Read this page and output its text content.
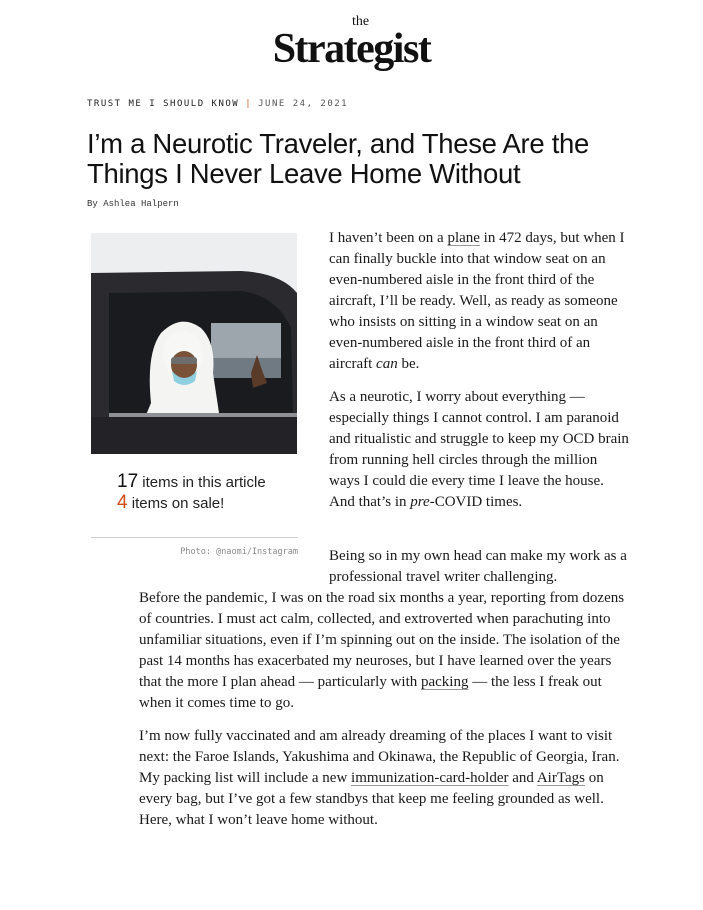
the
Strategist
TRUST ME I SHOULD KNOW | JUNE 24, 2021
I’m a Neurotic Traveler, and These Are the Things I Never Leave Home Without
By Ashlea Halpern
17 items in this article
4 items on sale!
Photo: @naomi/Instagram

I haven’t been on a plane in 472 days, but when I can finally buckle into that window seat on an even-numbered aisle in the front third of the aircraft, I’ll be ready. Well, as ready as someone who insists on sitting in a window seat on an even-numbered aisle in the front third of an aircraft can be.

As a neurotic, I worry about everything — especially things I cannot control. I am paranoid and ritualistic and struggle to keep my OCD brain from running hell circles through the million ways I could die every time I leave the house. And that’s in pre-COVID times.

Being so in my own head can make my work as a professional travel writer challenging.

Before the pandemic, I was on the road six months a year, reporting from dozens of countries. I must act calm, collected, and extroverted when parachuting into unfamiliar situations, even if I’m spinning out on the inside. The isolation of the past 14 months has exacerbated my neuroses, but I have learned over the years that the more I plan ahead — particularly with packing — the less I freak out when it comes time to go.

I’m now fully vaccinated and am already dreaming of the places I want to visit next: the Faroe Islands, Yakushima and Okinawa, the Republic of Georgia, Iran. My packing list will include a new immunization-card-holder and AirTags on every bag, but I’ve got a few standbys that keep me feeling grounded as well. Here, what I won’t leave home without.
